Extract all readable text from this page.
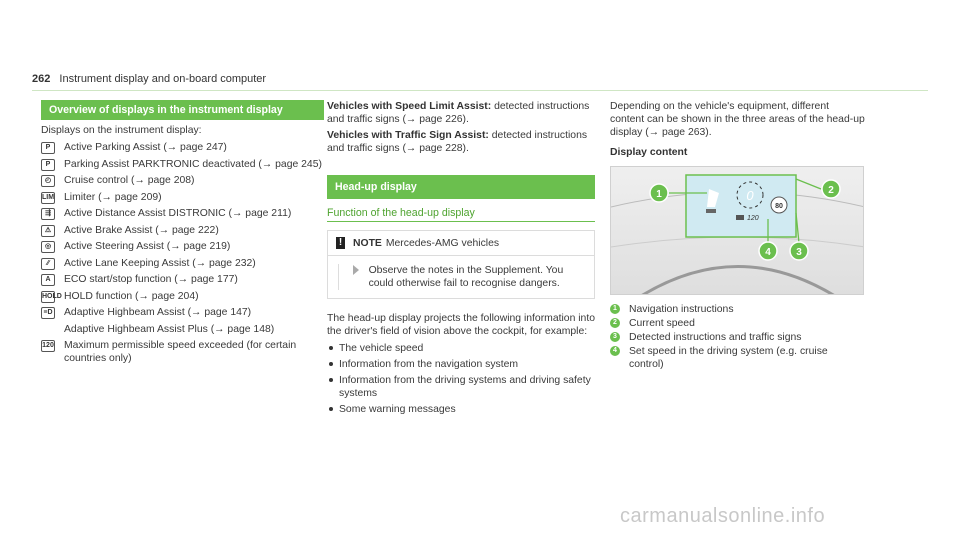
262 Instrument display and on-board computer
Overview of displays in the instrument display

Displays on the instrument display:

P	Active Parking Assist (→ page 247)
P	Parking Assist PARKTRONIC deactivated (→ page 245)
◴	Cruise control (→ page 208)
LIM Limiter (→ page 209)
⇶	Active Distance Assist DISTRONIC (→ page 211)
⚠	Active Brake Assist (→ page 222)
◎	Active Steering Assist (→ page 219)
⁄∕	Active Lane Keeping Assist (→ page 232)
A	ECO start/stop function (→ page 177)
HOLD HOLD function (→ page 204)
≡D Adaptive Highbeam Assist (→ page 147)
Adaptive Highbeam Assist Plus (→ page 148)
120 Maximum permissible speed exceeded (for certain countries only)

Vehicles with Speed Limit Assist: detected instructions and traffic signs (→ page 226).

Vehicles with Traffic Sign Assist: detected instructions and traffic signs (→ page 228).

Head-up display
Function of the head-up display
! NOTE Mercedes-AMG vehicles

Observe the notes in the Supplement. You could otherwise fail to recognise dangers.

The head-up display projects the following information into the driver's field of vision above the cockpit, for example:

The vehicle speed
Information from the navigation system
Information from the driving systems and driving safety systems
Some warning messages

Depending on the vehicle's equipment, different content can be shown in the three areas of the head-up display (→ page 263).

Display content
0
80
120
1	2
3
4
1 Navigation instructions
2 Current speed
3 Detected instructions and traffic signs
4 Set speed in the driving system (e.g. cruise control)
carmanualsonline.info
